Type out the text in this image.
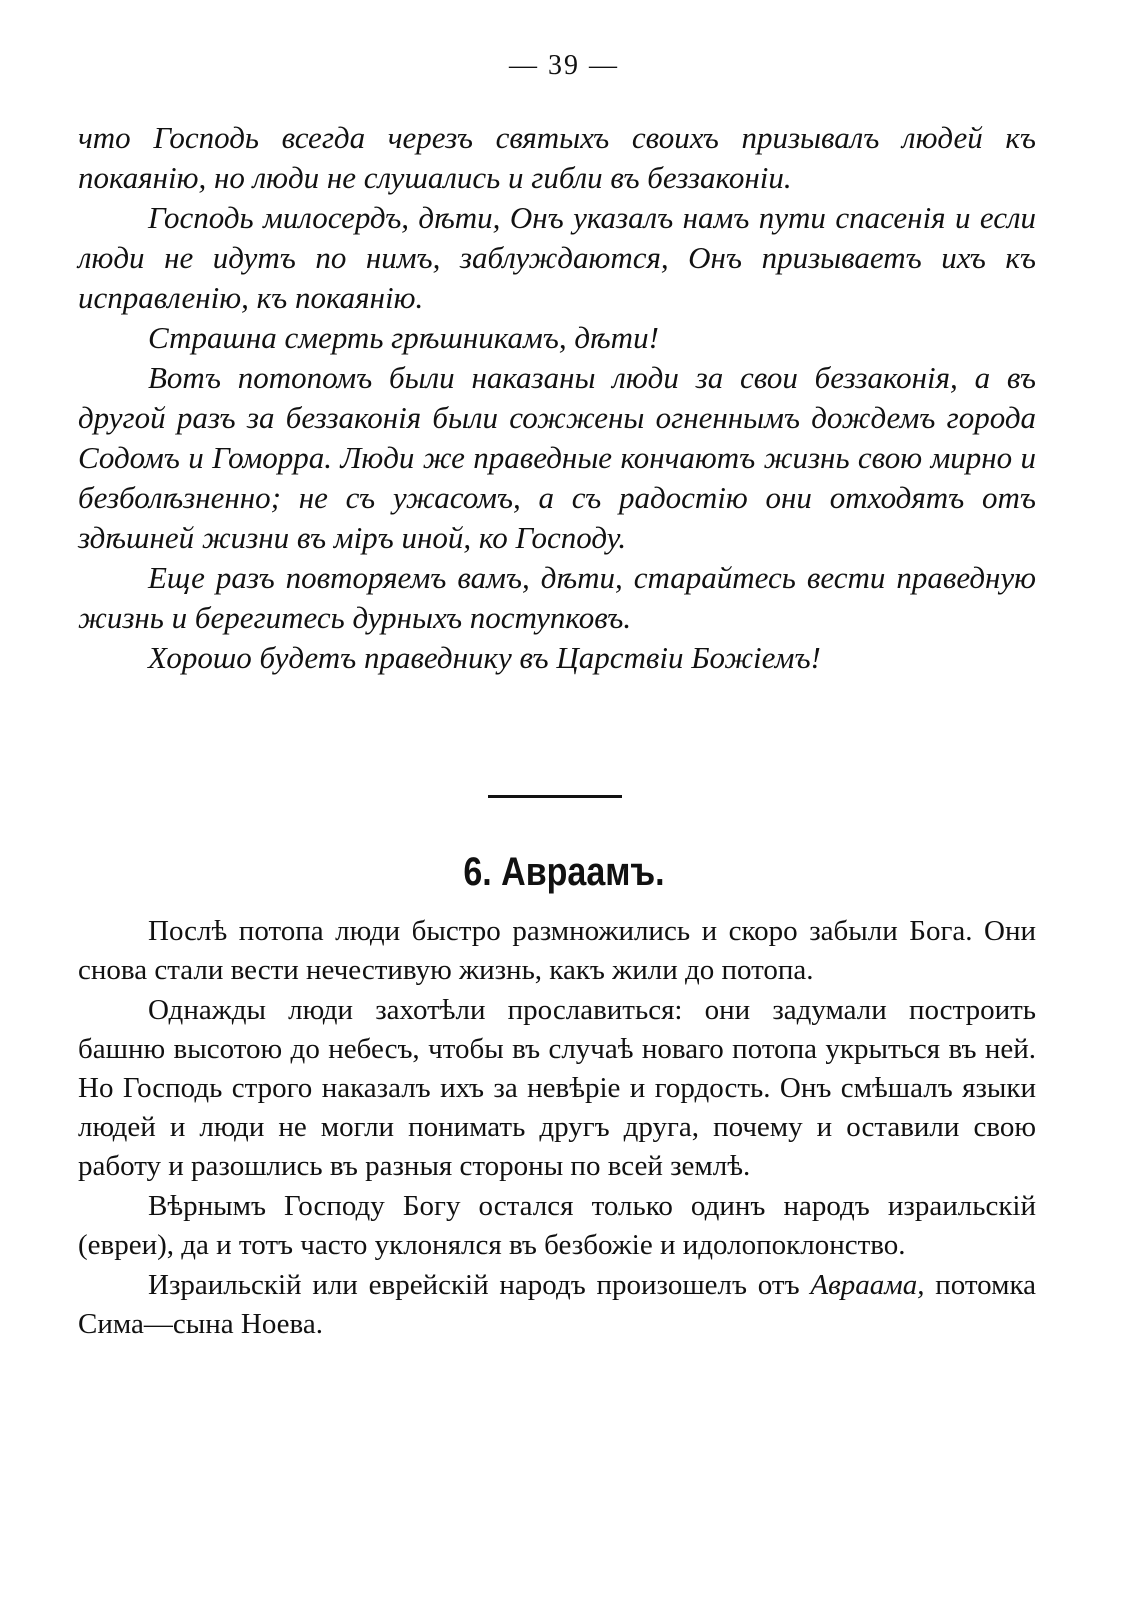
— 39 —

что Господь всегда черезъ святыхъ своихъ призывалъ людей къ покаянію, но люди не слушались и гибли въ беззаконіи.

Господь милосердъ, дѣти, Онъ указалъ намъ пути спасенія и если люди не идутъ по нимъ, заблуждаются, Онъ призываетъ ихъ къ исправленію, къ покаянію.

Страшна смерть грѣшникамъ, дѣти!

Вотъ потопомъ были наказаны люди за свои беззаконія, а въ другой разъ за беззаконія были сожжены огненнымъ дождемъ города Содомъ и Гоморра. Люди же праведные кончаютъ жизнь свою мирно и безболѣзненно; не съ ужасомъ, а съ радостію они отходятъ отъ здѣшней жизни въ міръ иной, ко Господу.

Еще разъ повторяемъ вамъ, дѣти, старайтесь вести праведную жизнь и берегитесь дурныхъ поступковъ.

Хорошо будетъ праведнику въ Царствіи Божіемъ!

6. Авраамъ.

Послѣ потопа люди быстро размножились и скоро забыли Бога. Они снова стали вести нечестивую жизнь, какъ жили до потопа.

Однажды люди захотѣли прославиться: они задумали построить башню высотою до небесъ, чтобы въ случаѣ новаго потопа укрыться въ ней. Но Господь строго наказалъ ихъ за невѣріе и гордость. Онъ смѣшалъ языки людей и люди не могли понимать другъ друга, почему и оставили свою работу и разошлись въ разныя стороны по всей землѣ.

Вѣрнымъ Господу Богу остался только одинъ народъ израильскій (евреи), да и тотъ часто уклонялся въ безбожіе и идолопоклонство.

Израильскій или еврейскій народъ произошелъ отъ Авраама, потомка Сима—сына Ноева.
